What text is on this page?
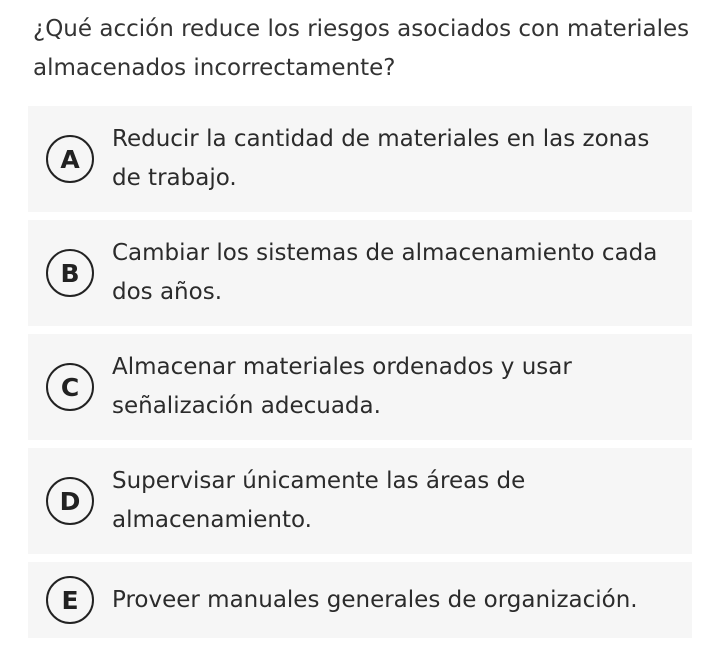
¿Qué acción reduce los riesgos asociados con materiales almacenados incorrectamente?
A
Reducir la cantidad de materiales en las zonas de trabajo.
B
Cambiar los sistemas de almacenamiento cada dos años.
C
Almacenar materiales ordenados y usar señalización adecuada.
D
Supervisar únicamente las áreas de almacenamiento.
E	Proveer manuales generales de organización.
